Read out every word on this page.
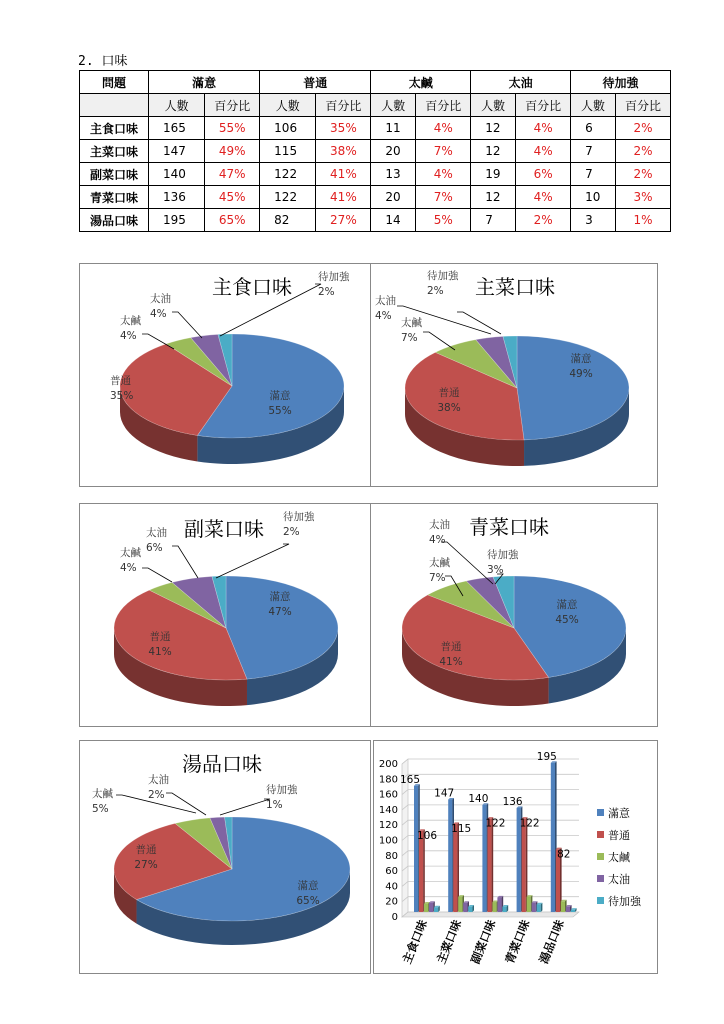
2. 口味
問題	滿意		普通		太鹹		太油		待加強	
	人數	百分比	人數	百分比	人數	百分比	人數	百分比	人數	百分比
主食口味	165	55%	106	35%	11	4%	12	4%	6	2%
主菜口味	147	49%	115	38%	20	7%	12	4%	7	2%
副菜口味	140	47%	122	41%	13	4%	19	6%	7	2%
青菜口味	136	45%	122	41%	20	7%	12	4%	10	3%
湯品口味	195	65%	82	27%	14	5%	7	2%	3	1%
主食口味
滿意 55%
普通 35%
太鹹 4%
太油 4%
待加強 2%	主菜口味
滿意 49%
普通 38%
太鹹 7%
太油 4%
待加強 2%
副菜口味
滿意 47%
普通 41%
太鹹 4%
太油 6%
待加強 2%	青菜口味
滿意 45%
普通 41%
太鹹 7%
太油 4%
待加強 3%
湯品口味
滿意 65%
普通 27%
太鹹 5%
太油 2%	待加強 1%
0
20
40
60
80
100
120
140
160
180
200
165
106
主食口味
147
115
主菜口味
140
122
副菜口味
136
122
青菜口味
195
82
湯品口味
滿意
普通
太鹹
太油
待加強
